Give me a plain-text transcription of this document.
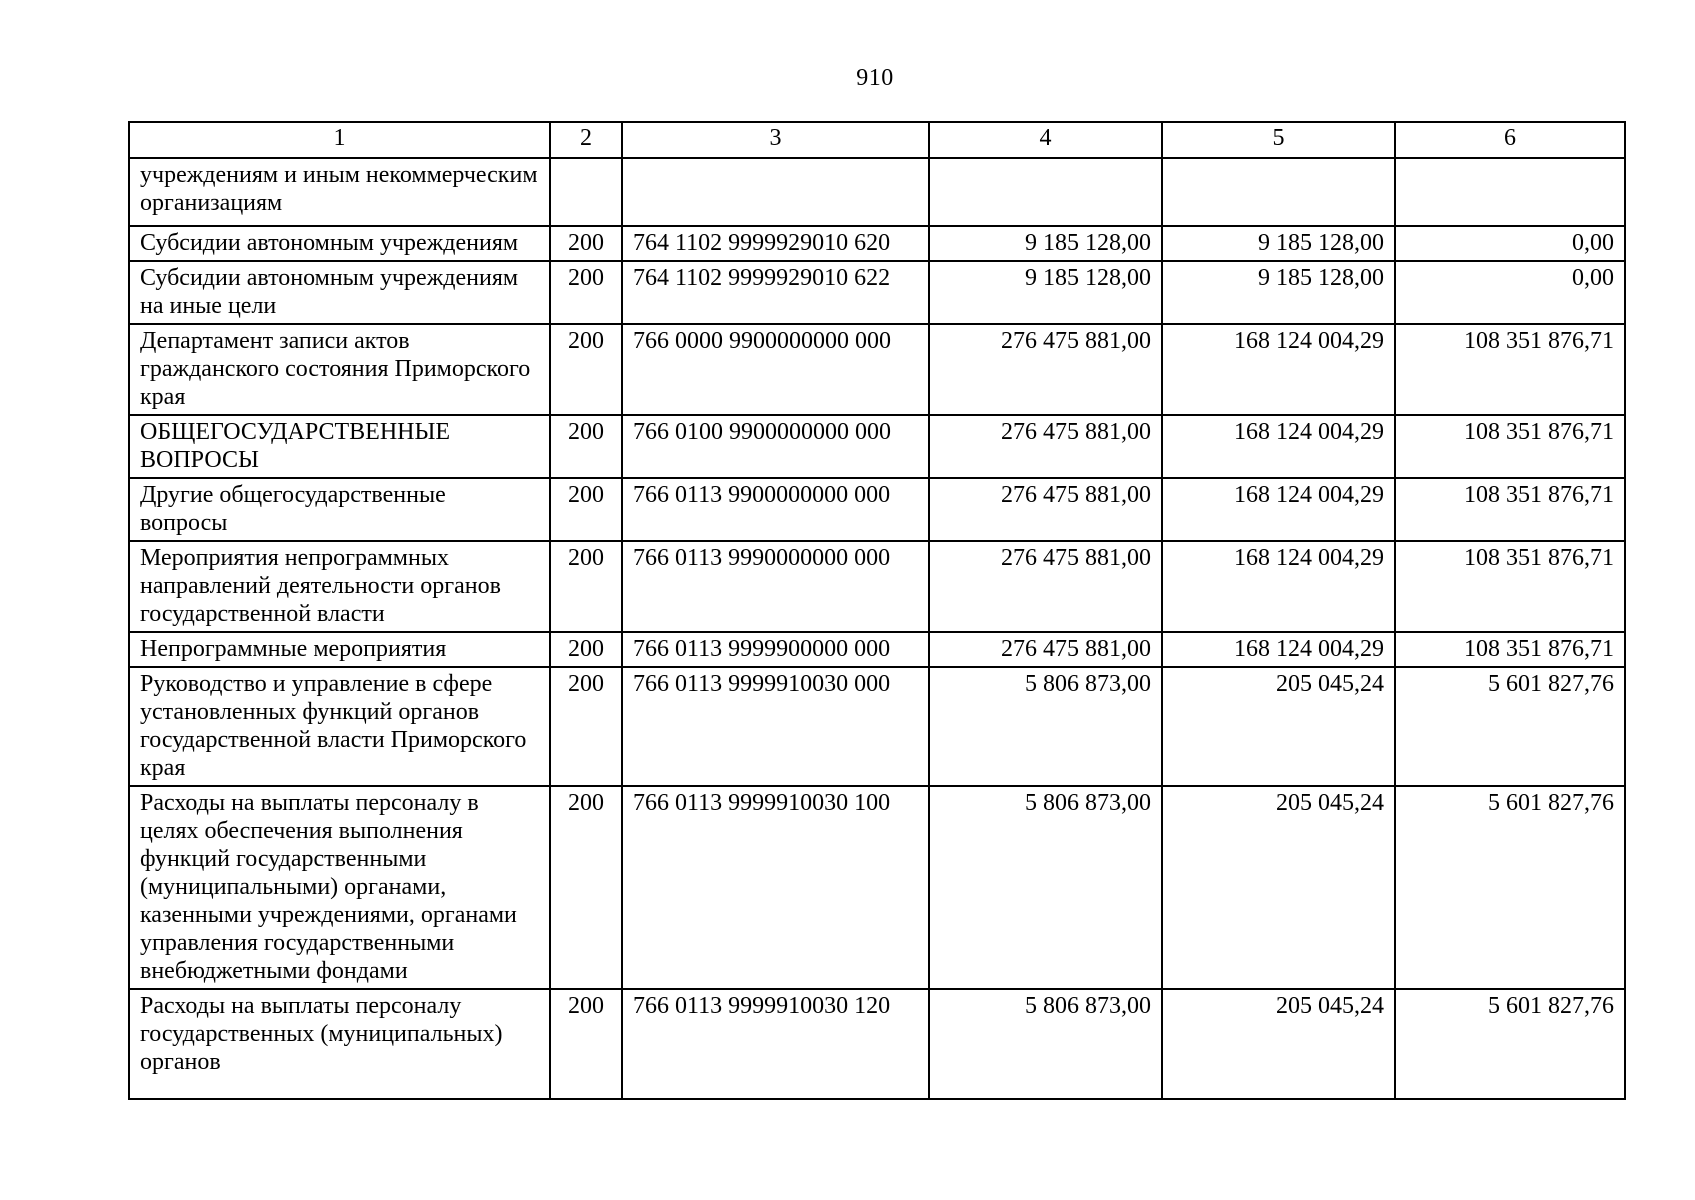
910
1	2	3	4	5	6
учреждениям и иным некоммерческим организациям					
Субсидии автономным учреждениям	200	764 1102 9999929010 620	9 185 128,00	9 185 128,00	0,00
Субсидии автономным учреждениям на иные цели	200	764 1102 9999929010 622	9 185 128,00	9 185 128,00	0,00
Департамент записи актов гражданского состояния Приморского края	200	766 0000 9900000000 000	276 475 881,00	168 124 004,29	108 351 876,71
ОБЩЕГОСУДАРСТВЕННЫЕ ВОПРОСЫ	200	766 0100 9900000000 000	276 475 881,00	168 124 004,29	108 351 876,71
Другие общегосударственные вопросы	200	766 0113 9900000000 000	276 475 881,00	168 124 004,29	108 351 876,71
Мероприятия непрограммных направлений деятельности органов государственной власти	200	766 0113 9990000000 000	276 475 881,00	168 124 004,29	108 351 876,71
Непрограммные мероприятия	200	766 0113 9999900000 000	276 475 881,00	168 124 004,29	108 351 876,71
Руководство и управление в сфере установленных функций органов государственной власти Приморского края	200	766 0113 9999910030 000	5 806 873,00	205 045,24	5 601 827,76
Расходы на выплаты персоналу в целях обеспечения выполнения функций государственными (муниципальными) органами, казенными учреждениями, органами управления государственными внебюджетными фондами	200	766 0113 9999910030 100	5 806 873,00	205 045,24	5 601 827,76
Расходы на выплаты персоналу государственных (муниципальных) органов	200	766 0113 9999910030 120	5 806 873,00	205 045,24	5 601 827,76
